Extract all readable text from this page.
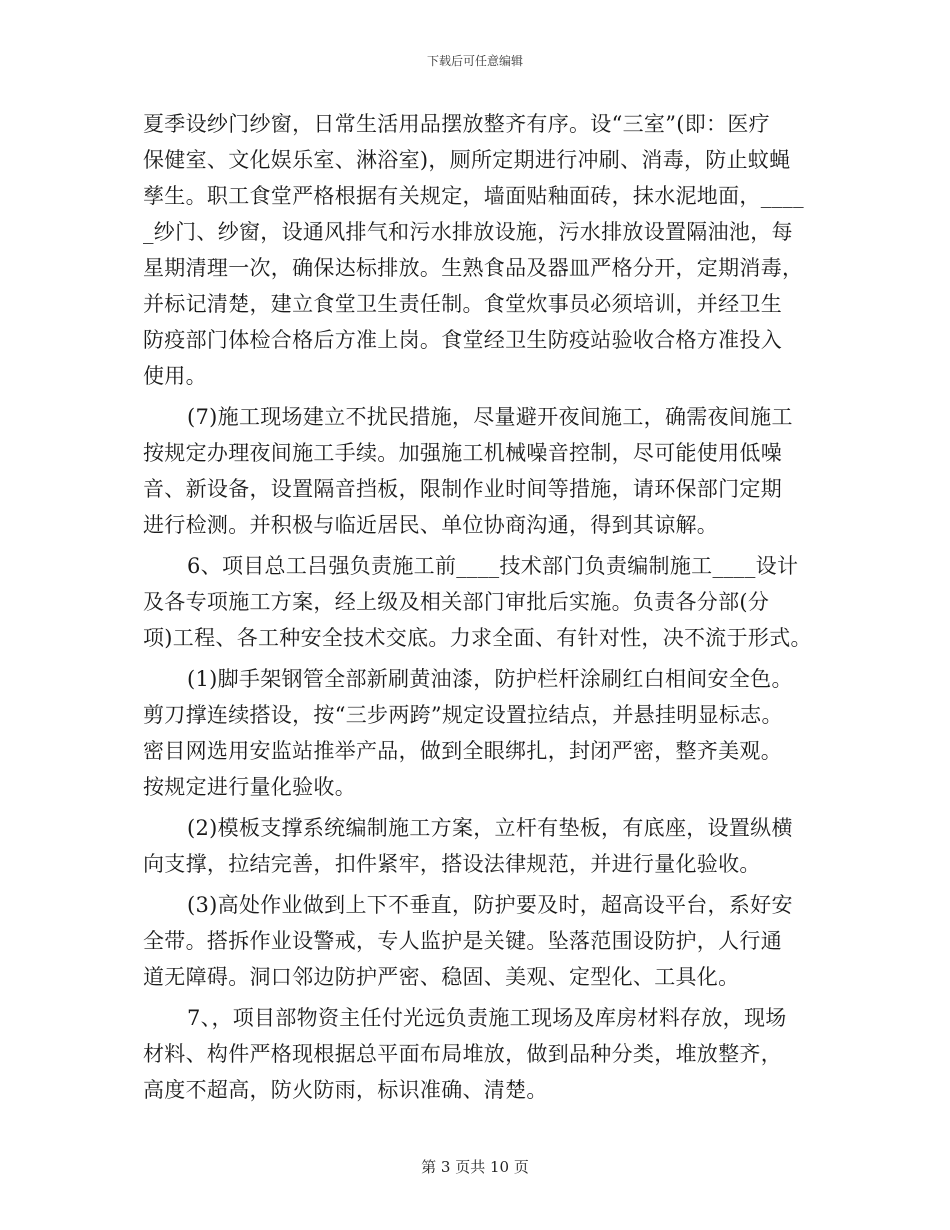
下载后可任意编辑

夏季设纱门纱窗，日常生活用品摆放整齐有序。设“三室”(即：医疗
保健室、文化娱乐室、淋浴室)，厕所定期进行冲刷、消毒，防止蚊蝇
孳生。职工食堂严格根据有关规定，墙面贴釉面砖，抹水泥地面，____
_纱门、纱窗，设通风排气和污水排放设施，污水排放设置隔油池，每
星期清理一次，确保达标排放。生熟食品及器皿严格分开，定期消毒，
并标记清楚，建立食堂卫生责任制。食堂炊事员必须培训，并经卫生
防疫部门体检合格后方准上岗。食堂经卫生防疫站验收合格方准投入
使用。

(7)施工现场建立不扰民措施，尽量避开夜间施工，确需夜间施工
按规定办理夜间施工手续。加强施工机械噪音控制，尽可能使用低噪
音、新设备，设置隔音挡板，限制作业时间等措施，请环保部门定期
进行检测。并积极与临近居民、单位协商沟通，得到其谅解。

6、项目总工吕强负责施工前____技术部门负责编制施工____设计
及各专项施工方案，经上级及相关部门审批后实施。负责各分部(分
项)工程、各工种安全技术交底。力求全面、有针对性，决不流于形式。

(1)脚手架钢管全部新刷黄油漆，防护栏杆涂刷红白相间安全色。
剪刀撑连续搭设，按“三步两跨”规定设置拉结点，并悬挂明显标志。
密目网选用安监站推举产品，做到全眼绑扎，封闭严密，整齐美观。
按规定进行量化验收。

(2)模板支撑系统编制施工方案，立杆有垫板，有底座，设置纵横
向支撑，拉结完善，扣件紧牢，搭设法律规范，并进行量化验收。

(3)高处作业做到上下不垂直，防护要及时，超高设平台，系好安
全带。搭拆作业设警戒，专人监护是关键。坠落范围设防护，人行通
道无障碍。洞口邻边防护严密、稳固、美观、定型化、工具化。

7、，项目部物资主任付光远负责施工现场及库房材料存放，现场
材料、构件严格现根据总平面布局堆放，做到品种分类，堆放整齐，
高度不超高，防火防雨，标识准确、清楚。

第 3 页共 10 页
